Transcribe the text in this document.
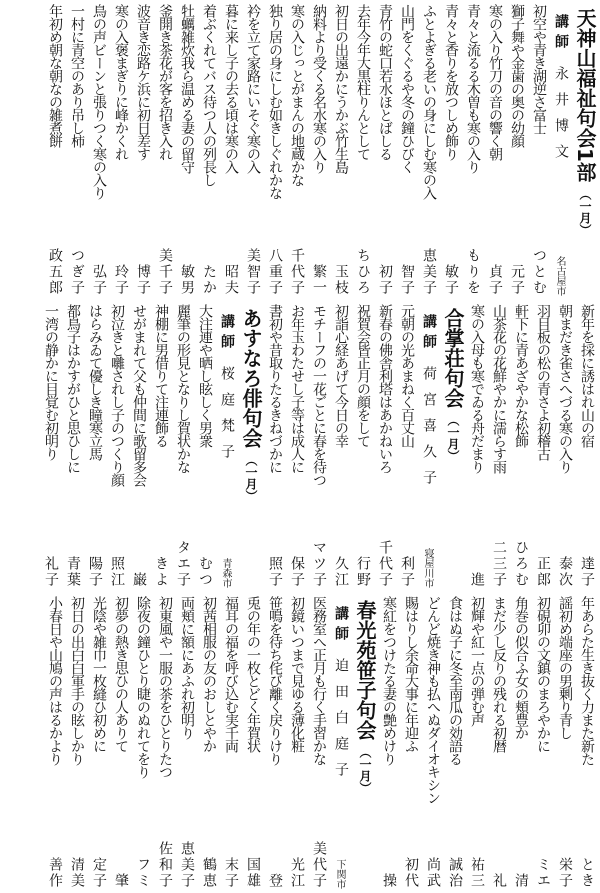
天神山福祉句会1部（一月）
講師永井博文
名古屋市
初空や青き湖逆さ富士
つとむ
獅子舞や金歯の奥の幼顔
元子
寒の入り竹刀の音の響く朝
貞子
青々と流るる木曽も寒の入り
もりを
青々と香りを放つしめ飾り
敏子
ふとよぎる老いの身にしむ寒の入
恵美子
山門をくぐるや冬の鐘ひびく
智子
青竹の蛇口若水ほとばしる
初子
去年今年大黒柱りんとして
ちひろ
初日の出遠かにうかぶ竹生島
玉枝
納料より受くる名水寒の入り
繁一
寒の入じっとがまんの地蔵かな
千代子
独り居の身にしむ如きしぐれかな
八重子
衿を立て家路にいそぐ寒の入
美智子
暮に来し子の去る頃は寒の入
昭夫
着ぶくれてバス待つ人の列長し
たか
牡蠣雑炊我ら温める妻の留守
敏男
釜開き茶花が客を招き入れ
美千子
波音き恋路ケ浜に初日差す
博子
寒の入褒まぎりに峰かくれ
玲子
鳥の声ビーンと張りつく寒の入り
弘子
一村に青空のあり吊し柿
つぎ子
年初め朝な朝なの雑煮餅
政五郎
新年を採に誘はれ山の宿
達子
朝まだき雀さへづる寒の入り
泰次
羽目板の松の青さよ初稽古
正郎
軒下に青あざやかな松飾
ひろむ
山茶花の花鮮やかに濡らす雨
二三子
寒の入母も寒でゐる舟だまり
進
合掌荘句会（一月）
講師荷宮喜久子
寝屋川市
元朝の光あまねく百丈山
利子
新春の佛舎利塔はあかねいろ
千代子
祝賀会皆正月の顔をして
行野
初詣心経あげて今日の幸
久江
モチーフの一花ごとに春を待つ
マツ子
お年玉わたせし子等は成人に
保子
書初や昔取りたるきねづかに
照子
あすなろ俳句会（一月）
講師桜庭梵子
青森市
大注連や晒し眩しく男衆
むつ
麗筆の形見となりし賀状かな
タエ子
神棚に男借りて注連飾る
きよ
せがまれて父も仲間に歌留多会
巌
初泣きと囃されし子のつくり顔
照江
はらみゐて優しき瞳寒立馬
陽子
都鳥子はかすがひと思ひしに
青葉
一湾の静かに目覚む初明り
礼子
年あらた生き抜く力また新た
とき
謡初め端座の男剰り青し
栄子
初硯卯の文鎮のまろやかに
ミエ
角巻の似合ふ女の頬豊か
清
まだ少し反りの残れる初暦
礼
初輝や紅一点の弾む声
祐三
食はぬ子に冬至南瓜の効語る
誠治
どんど焼き神も払へぬダイオキシン
尚武
賜はりし余命大事に年迎ふ
初代
寒紅をつけたる妻の艶めけり
操
春光苑笹子句会（一月）
講師迫田白庭子
下関市
医務室へ正月も行く手習かな
美代子
初鏡いつまで見ゆる薄化粧
光江
笹鳴を待ち侘び離く戻りけり
登
兎の年の一枚とどく年賀状
国雄
福耳の福を呼び込む実千両
末子
初茜相服の友のおしとやか
鶴恵
両頬に額にあふれ初明り
恵美子
初東風や一服の茶をひとりたつ
佐和子
除夜の鐘ひとり睫のぬれてをり
フミ
初夢の熱き思ひの人ありて
肇
光陰や雑巾一枚縫ひ初めに
定子
初日の出白白軍手の眩しかり
清美
小春日や山鳩の声はるかより
善作
